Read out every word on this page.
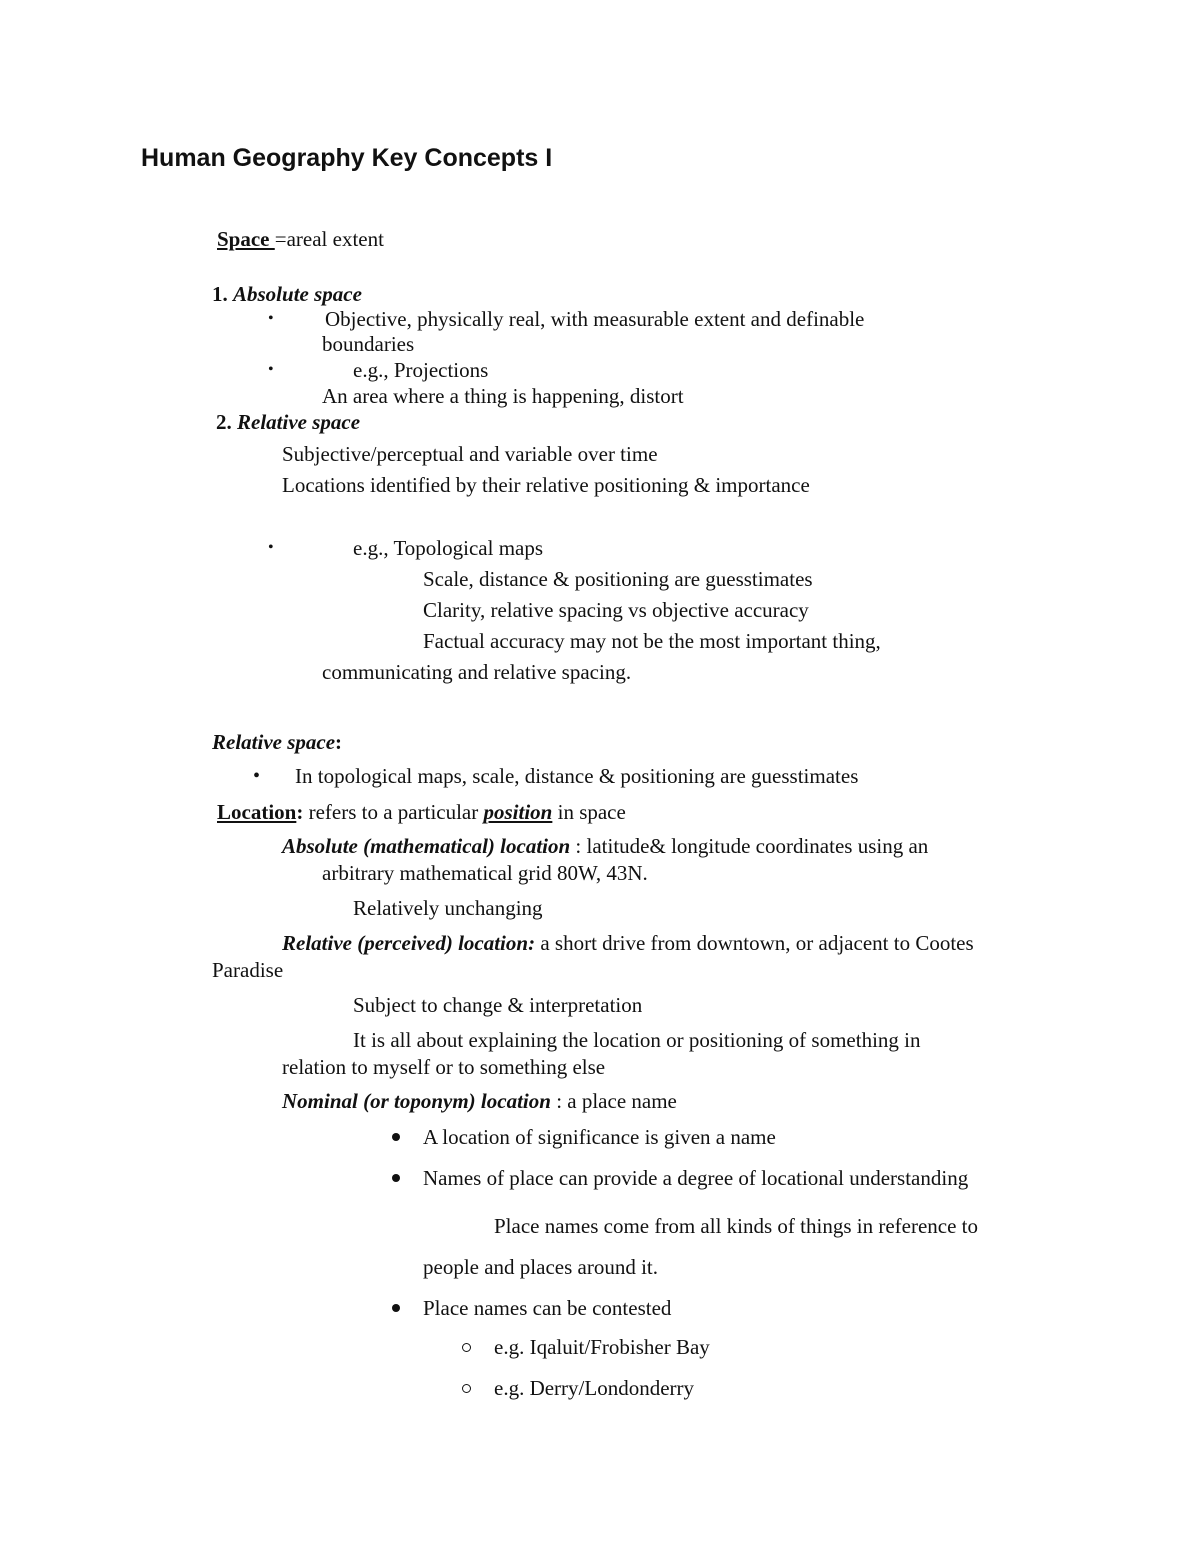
Human Geography Key Concepts I
Space =areal extent
1. Absolute space
• Objective, physically real, with measurable extent and definable
boundaries
•	e.g., Projections
An area where a thing is happening, distort
2. Relative space
Subjective/perceptual and variable over time
Locations identified by their relative positioning & importance
•	e.g., Topological maps
Scale, distance & positioning are guesstimates
Clarity, relative spacing vs objective accuracy
Factual accuracy may not be the most important thing,
communicating and relative spacing.
Relative space:
• In topological maps, scale, distance & positioning are guesstimates
Location: refers to a particular position in space
Absolute (mathematical) location : latitude& longitude coordinates using an
arbitrary mathematical grid 80W, 43N.
Relatively unchanging
Relative (perceived) location: a short drive from downtown, or adjacent to Cootes
Paradise
Subject to change & interpretation
It is all about explaining the location or positioning of something in
relation to myself or to something else
Nominal (or toponym) location : a place name
A location of significance is given a name
Names of place can provide a degree of locational understanding
Place names come from all kinds of things in reference to
people and places around it.
Place names can be contested
e.g. Iqaluit/Frobisher Bay
e.g. Derry/Londonderry
